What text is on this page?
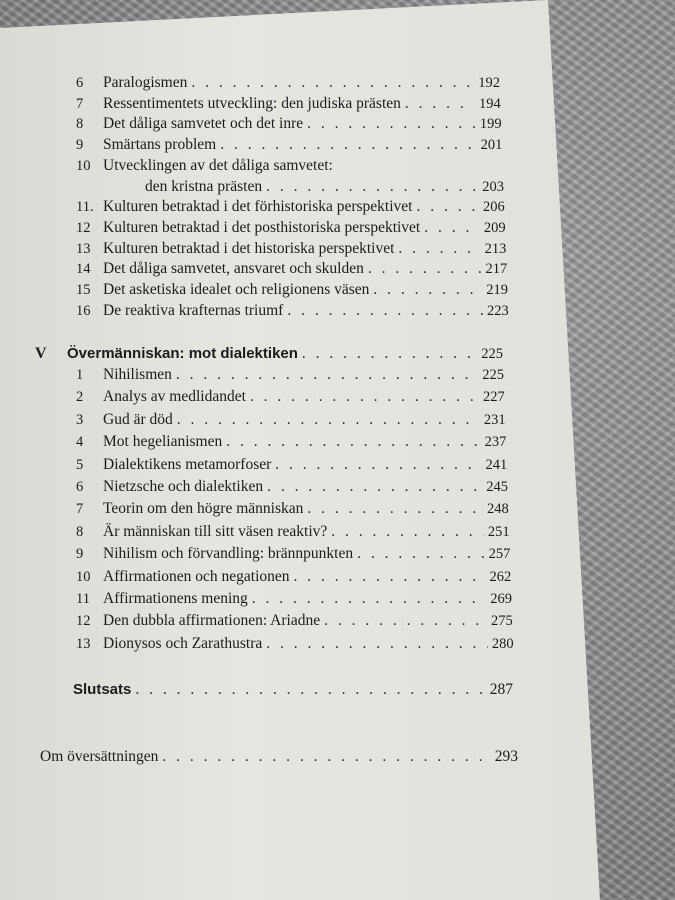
6	Paralogismen . . .	192
7	Ressentimentets utveckling: den judiska prästen . . .	194
8	Det dåliga samvetet och det inre . . .	199
9	Smärtans problem . . .	201
10 Utvecklingen av det dåliga samvetet:
den kristna prästen . . .	203
11. Kulturen betraktad i det förhistoriska perspektivet . . .	206
12 Kulturen betraktad i det posthistoriska perspektivet . . .	209
13 Kulturen betraktad i det historiska perspektivet . . .	213
14 Det dåliga samvetet, ansvaret och skulden . . .	217
15 Det asketiska idealet och religionens väsen . . .	219
16 De reaktiva krafternas triumf . . .	223
V	Övermänniskan: mot dialektiken . . .	225
1	Nihilismen . . .	225
2	Analys av medlidandet . . .	227
3	Gud är död . . .	231
4	Mot hegelianismen . . .	237
5	Dialektikens metamorfoser . . .	241
6	Nietzsche och dialektiken . . .	245
7	Teorin om den högre människan . . .	248
8	Är människan till sitt väsen reaktiv? . . .	251
9	Nihilism och förvandling: brännpunkten . . .	257
10 Affirmationen och negationen . . .	262
11 Affirmationens mening . . .	269
12 Den dubbla affirmationen: Ariadne . . .	275
13 Dionysos och Zarathustra . . .	280
Slutsats . . .	287
Om översättningen . . .	293
